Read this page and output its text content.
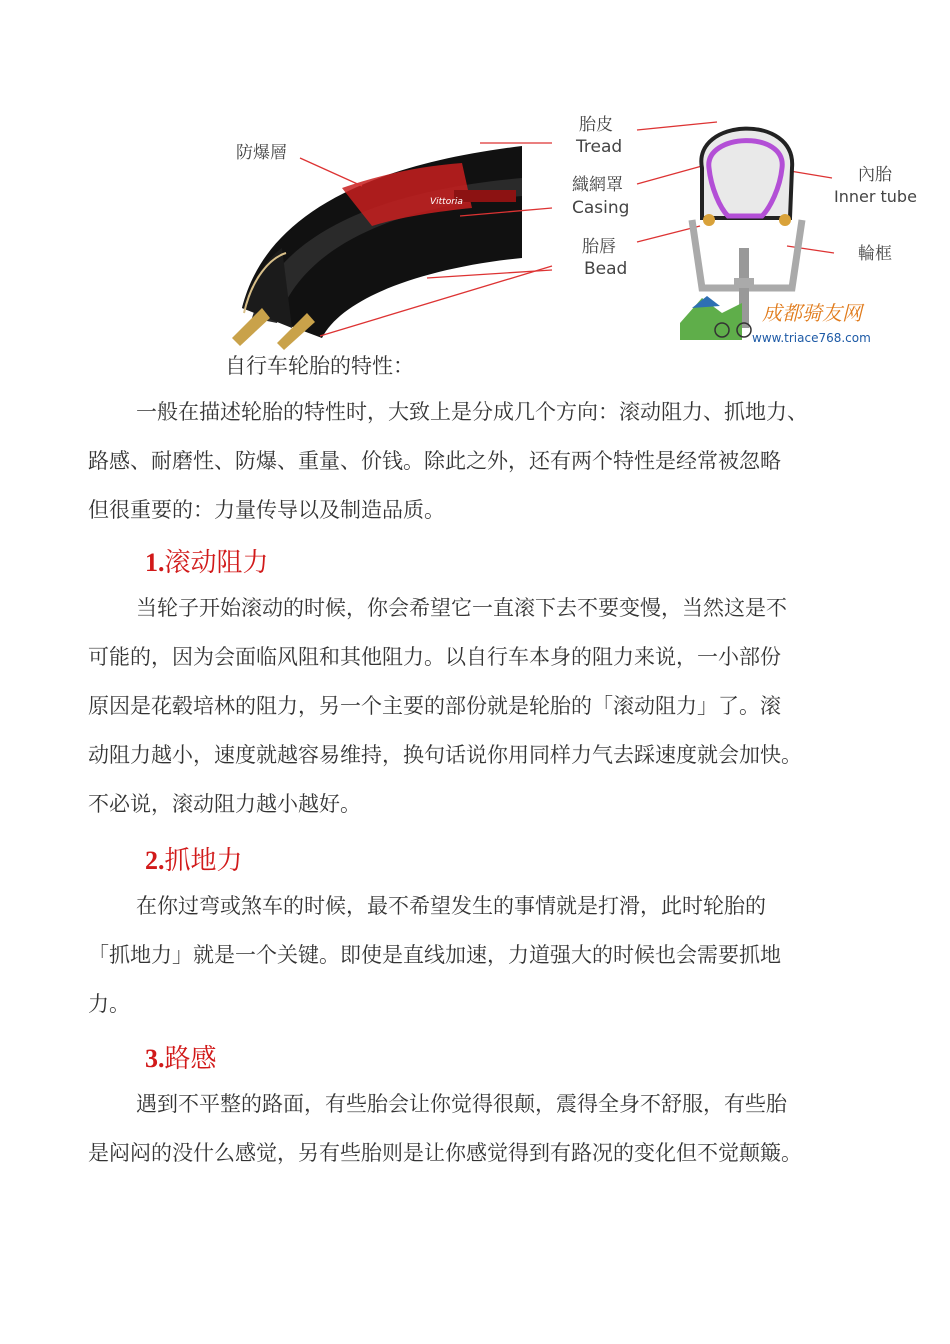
Vittoria
成都骑友网
www.triace768.com
防爆層
胎皮
Tread
織網罩
Casing
胎唇
Bead
內胎
Inner tube
輪框
自行车轮胎的特性：
一般在描述轮胎的特性时，大致上是分成几个方向：滚动阻力、抓地力、
路感、耐磨性、防爆、重量、价钱。除此之外，还有两个特性是经常被忽略
但很重要的：力量传导以及制造品质。
1.滚动阻力
当轮子开始滚动的时候，你会希望它一直滚下去不要变慢，当然这是不
可能的，因为会面临风阻和其他阻力。以自行车本身的阻力来说，一小部份
原因是花毂培林的阻力，另一个主要的部份就是轮胎的「滚动阻力」了。滚
动阻力越小，速度就越容易维持，换句话说你用同样力气去踩速度就会加快。
不必说，滚动阻力越小越好。
2.抓地力
在你过弯或煞车的时候，最不希望发生的事情就是打滑，此时轮胎的
「抓地力」就是一个关键。即使是直线加速，力道强大的时候也会需要抓地
力。
3.路感
遇到不平整的路面，有些胎会让你觉得很颠，震得全身不舒服，有些胎
是闷闷的没什么感觉，另有些胎则是让你感觉得到有路况的变化但不觉颠簸。
